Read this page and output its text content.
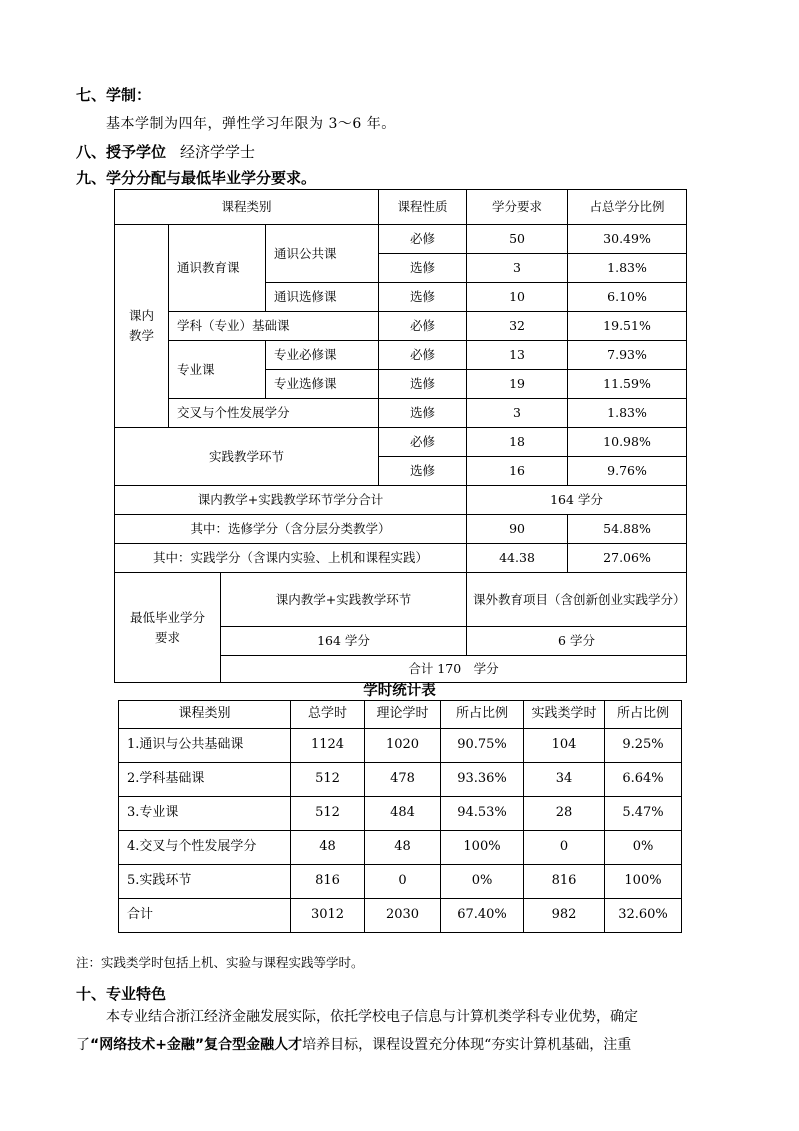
七、学制：
基本学制为四年，弹性学习年限为 3～6 年。
八、授予学位 经济学学士
九、学分分配与最低毕业学分要求。
课程类别				课程性质	学分要求	占总学分比例
课内
教学	通识教育课		通识公共课	必修	50	30.49%
				选修	3	1.83%
			通识选修课	选修	10	6.10%
	学科（专业）基础课			必修	32	19.51%
	专业课		专业必修课	必修	13	7.93%
			专业选修课	选修	19	11.59%
	交叉与个性发展学分			选修	3	1.83%
实践教学环节				必修	18	10.98%
				选修	16	9.76%
课内教学+实践教学环节学分合计					164 学分	
其中：选修学分（含分层分类教学）					90	54.88%
其中：实践学分（含课内实验、上机和课程实践）					44.38	27.06%
最低毕业学分
要求		课内教学+实践教学环节			课外教育项目（含创新创业实践学分）	
		164 学分			6 学分	
		合计 170　学分				
学时统计表
课程类别	总学时	理论学时	所占比例	实践类学时	所占比例
1.通识与公共基础课	1124	1020	90.75%	104	9.25%
2.学科基础课	512	478	93.36%	34	6.64%
3.专业课	512	484	94.53%	28	5.47%
4.交叉与个性发展学分	48	48	100%	0	0%
5.实践环节	816	0	0%	816	100%
合计	3012	2030	67.40%	982	32.60%
注：实践类学时包括上机、实验与课程实践等学时。
十、专业特色
本专业结合浙江经济金融发展实际，依托学校电子信息与计算机类学科专业优势，确定
了“网络技术+金融”复合型金融人才培养目标，课程设置充分体现“夯实计算机基础，注重
